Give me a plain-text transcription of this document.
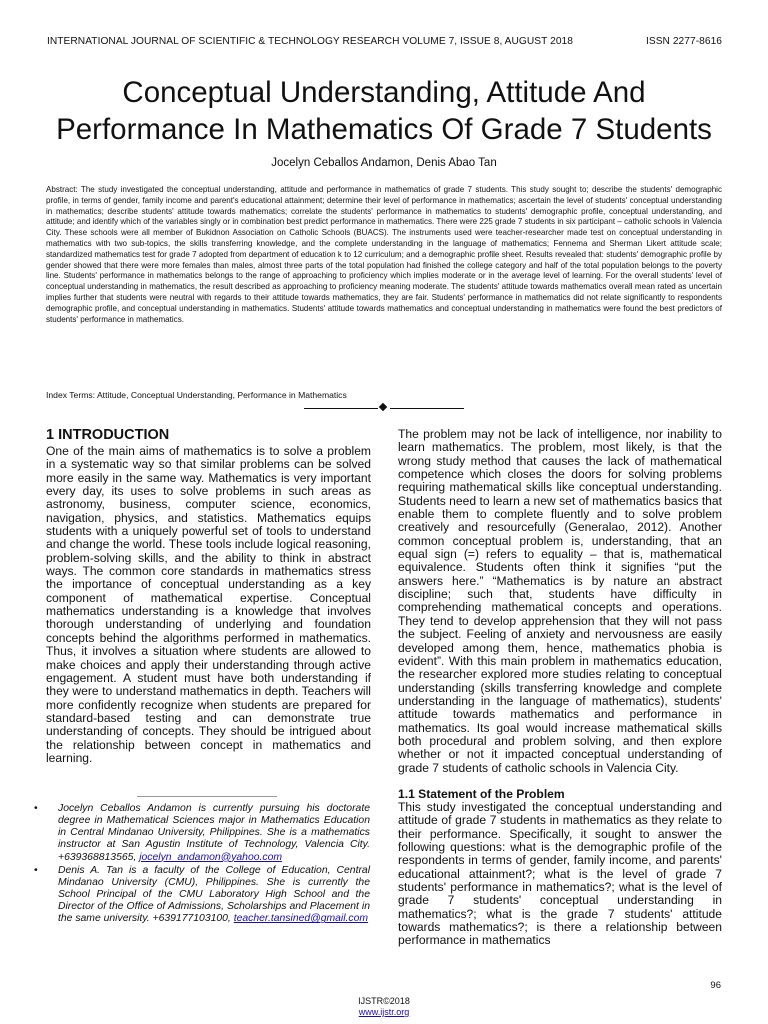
INTERNATIONAL JOURNAL OF SCIENTIFIC & TECHNOLOGY RESEARCH VOLUME 7, ISSUE 8, AUGUST 2018	ISSN 2277-8616
Conceptual Understanding, Attitude And
Performance In Mathematics Of Grade 7 Students
Jocelyn Ceballos Andamon, Denis Abao Tan

Abstract: The study investigated the conceptual understanding, attitude and performance in mathematics of grade 7 students. This study sought to; describe the students' demographic profile, in terms of gender, family income and parent's educational attainment; determine their level of performance in mathematics; ascertain the level of students' conceptual understanding in mathematics; describe students' attitude towards mathematics; correlate the students' performance in mathematics to students' demographic profile, conceptual understanding, and attitude; and identify which of the variables singly or in combination best predict performance in mathematics. There were 225 grade 7 students in six participant – catholic schools in Valencia City. These schools were all member of Bukidnon Association on Catholic Schools (BUACS). The instruments used were teacher-researcher made test on conceptual understanding in mathematics with two sub-topics, the skills transferring knowledge, and the complete understanding in the language of mathematics; Fennema and Sherman Likert attitude scale; standardized mathematics test for grade 7 adopted from department of education k to 12 curriculum; and a demographic profile sheet. Results revealed that: students' demographic profile by gender showed that there were more females than males, almost three parts of the total population had finished the college category and half of the total population belongs to the poverty line. Students' performance in mathematics belongs to the range of approaching to proficiency which implies moderate or in the average level of learning. For the overall students' level of conceptual understanding in mathematics, the result described as approaching to proficiency meaning moderate. The students' attitude towards mathematics overall mean rated as uncertain implies further that students were neutral with regards to their attitude towards mathematics, they are fair. Students' performance in mathematics did not relate significantly to respondents demographic profile, and conceptual understanding in mathematics. Students' attitude towards mathematics and conceptual understanding in mathematics were found the best predictors of students' performance in mathematics.

Index Terms: Attitude, Conceptual Understanding, Performance in Mathematics
1 INTRODUCTION

One of the main aims of mathematics is to solve a problem in a systematic way so that similar problems can be solved more easily in the same way. Mathematics is very important every day, its uses to solve problems in such areas as astronomy, business, computer science, economics, navigation, physics, and statistics. Mathematics equips students with a uniquely powerful set of tools to understand and change the world. These tools include logical reasoning, problem-solving skills, and the ability to think in abstract ways. The common core standards in mathematics stress the importance of conceptual understanding as a key component of mathematical expertise. Conceptual mathematics understanding is a knowledge that involves thorough understanding of underlying and foundation concepts behind the algorithms performed in mathematics. Thus, it involves a situation where students are allowed to make choices and apply their understanding through active engagement. A student must have both understanding if they were to understand mathematics in depth. Teachers will more confidently recognize when students are prepared for standard-based testing and can demonstrate true understanding of concepts. They should be intrigued about the relationship between concept in mathematics and learning.

• Jocelyn Ceballos Andamon is currently pursuing his doctorate degree in Mathematical Sciences major in Mathematics Education in Central Mindanao University, Philippines. She is a mathematics instructor at San Agustin Institute of Technology, Valencia City. +639368813565, jocelyn_andamon@yahoo.com

• Denis A. Tan is a faculty of the College of Education, Central Mindanao University (CMU), Philippines. She is currently the School Principal of the CMU Laboratory High School and the Director of the Office of Admissions, Scholarships and Placement in the same university. +639177103100, teacher.tansined@gmail.com

The problem may not be lack of intelligence, nor inability to learn mathematics. The problem, most likely, is that the wrong study method that causes the lack of mathematical competence which closes the doors for solving problems requiring mathematical skills like conceptual understanding. Students need to learn a new set of mathematics basics that enable them to complete fluently and to solve problem creatively and resourcefully (Generalao, 2012). Another common conceptual problem is, understanding, that an equal sign (=) refers to equality – that is, mathematical equivalence. Students often think it signifies “put the answers here.” “Mathematics is by nature an abstract discipline; such that, students have difficulty in comprehending mathematical concepts and operations. They tend to develop apprehension that they will not pass the subject. Feeling of anxiety and nervousness are easily developed among them, hence, mathematics phobia is evident”. With this main problem in mathematics education, the researcher explored more studies relating to conceptual understanding (skills transferring knowledge and complete understanding in the language of mathematics), students' attitude towards mathematics and performance in mathematics. Its goal would increase mathematical skills both procedural and problem solving, and then explore whether or not it impacted conceptual understanding of grade 7 students of catholic schools in Valencia City.

1.1 Statement of the Problem

This study investigated the conceptual understanding and attitude of grade 7 students in mathematics as they relate to their performance. Specifically, it sought to answer the following questions: what is the demographic profile of the respondents in terms of gender, family income, and parents' educational attainment?; what is the level of grade 7 students' performance in mathematics?; what is the level of grade 7 students' conceptual understanding in mathematics?; what is the grade 7 students' attitude towards mathematics?; is there a relationship between performance in mathematics

96
IJSTR©2018
www.ijstr.org
